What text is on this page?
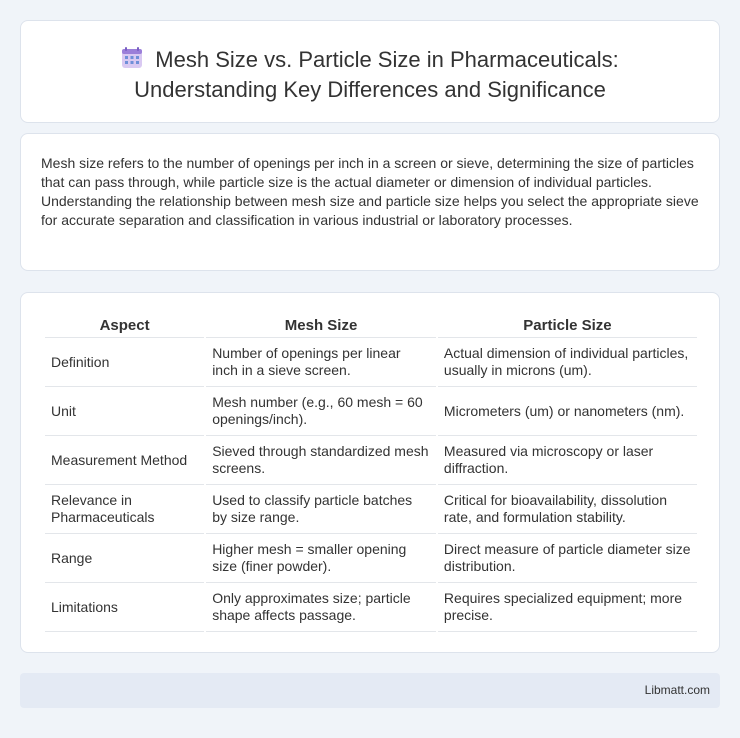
Mesh Size vs. Particle Size in Pharmaceuticals:
Understanding Key Differences and Significance

Mesh size refers to the number of openings per inch in a screen or sieve, determining the size of particles that can pass through, while particle size is the actual diameter or dimension of individual particles. Understanding the relationship between mesh size and particle size helps you select the appropriate sieve for accurate separation and classification in various industrial or laboratory processes.

Aspect	Mesh Size	Particle Size
Definition	Number of openings per linear inch in a sieve screen.	Actual dimension of individual particles, usually in microns (um).
Unit	Mesh number (e.g., 60 mesh = 60 openings/inch).	Micrometers (um) or nanometers (nm).
Measurement Method	Sieved through standardized mesh screens.	Measured via microscopy or laser diffraction.
Relevance in Pharmaceuticals	Used to classify particle batches by size range.	Critical for bioavailability, dissolution rate, and formulation stability.
Range	Higher mesh = smaller opening size (finer powder).	Direct measure of particle diameter size distribution.
Limitations	Only approximates size; particle shape affects passage.	Requires specialized equipment; more precise.
Libmatt.com
